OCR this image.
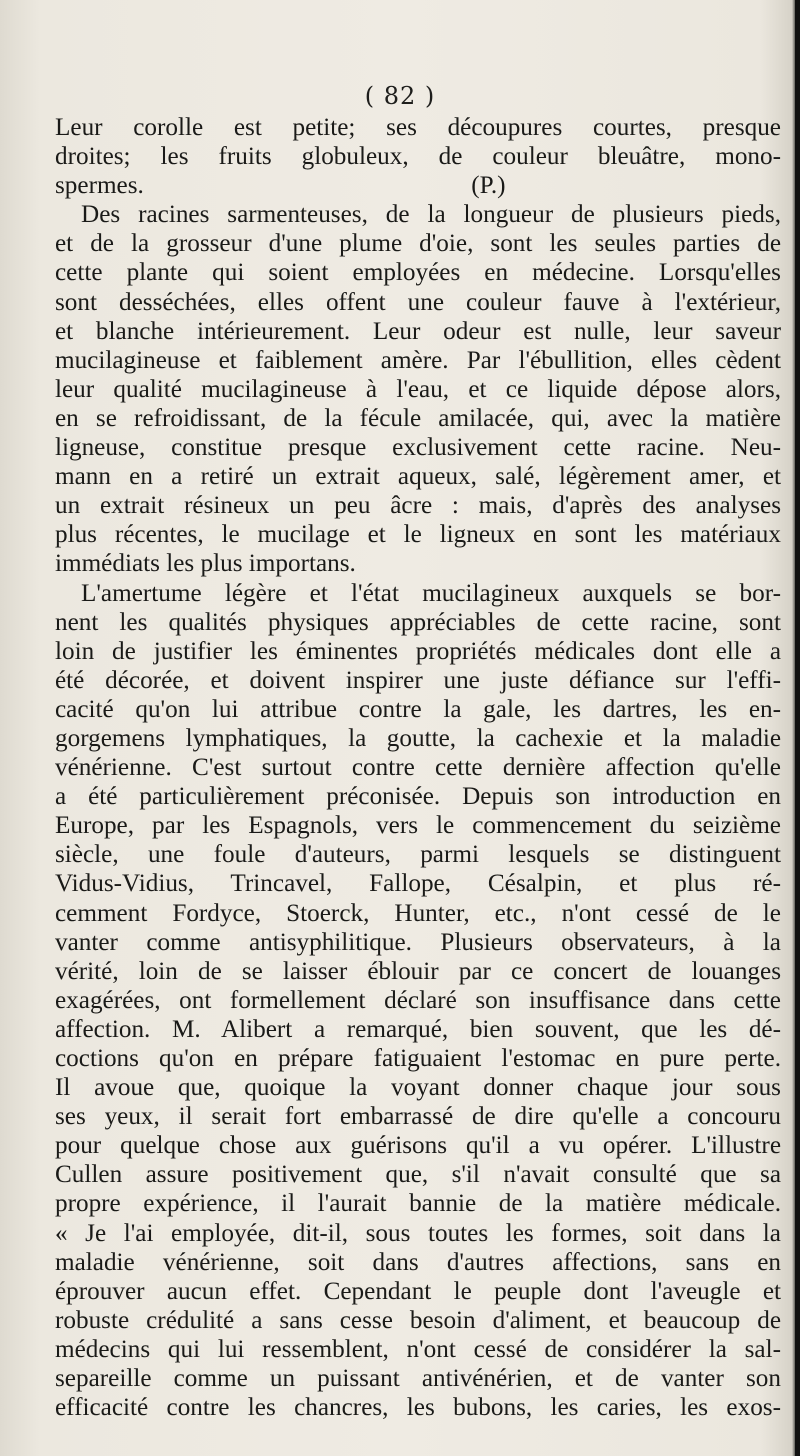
( 82 )
Leur corolle est petite; ses découpures courtes, presque
droites; les fruits globuleux, de couleur bleuâtre, mono-
spermes.                                                    (P.)
Des racines sarmenteuses, de la longueur de plusieurs pieds,
et de la grosseur d'une plume d'oie, sont les seules parties de
cette plante qui soient employées en médecine. Lorsqu'elles
sont desséchées, elles offent une couleur fauve à l'extérieur,
et blanche intérieurement. Leur odeur est nulle, leur saveur
mucilagineuse et faiblement amère. Par l'ébullition, elles cèdent
leur qualité mucilagineuse à l'eau, et ce liquide dépose alors,
en se refroidissant, de la fécule amilacée, qui, avec la matière
ligneuse, constitue presque exclusivement cette racine. Neu-
mann en a retiré un extrait aqueux, salé, légèrement amer, et
un extrait résineux un peu âcre : mais, d'après des analyses
plus récentes, le mucilage et le ligneux en sont les matériaux
immédiats les plus importans.
L'amertume légère et l'état mucilagineux auxquels se bor-
nent les qualités physiques appréciables de cette racine, sont
loin de justifier les éminentes propriétés médicales dont elle a
été décorée, et doivent inspirer une juste défiance sur l'effi-
cacité qu'on lui attribue contre la gale, les dartres, les en-
gorgemens lymphatiques, la goutte, la cachexie et la maladie
vénérienne. C'est surtout contre cette dernière affection qu'elle
a été particulièrement préconisée. Depuis son introduction en
Europe, par les Espagnols, vers le commencement du seizième
siècle, une foule d'auteurs, parmi lesquels se distinguent
Vidus-Vidius, Trincavel, Fallope, Césalpin, et plus ré-
cemment Fordyce, Stoerck, Hunter, etc., n'ont cessé de le
vanter comme antisyphilitique. Plusieurs observateurs, à la
vérité, loin de se laisser éblouir par ce concert de louanges
exagérées, ont formellement déclaré son insuffisance dans cette
affection. M. Alibert a remarqué, bien souvent, que les dé-
coctions qu'on en prépare fatiguaient l'estomac en pure perte.
Il avoue que, quoique la voyant donner chaque jour sous
ses yeux, il serait fort embarrassé de dire qu'elle a concouru
pour quelque chose aux guérisons qu'il a vu opérer. L'illustre
Cullen assure positivement que, s'il n'avait consulté que sa
propre expérience, il l'aurait bannie de la matière médicale.
« Je l'ai employée, dit-il, sous toutes les formes, soit dans la
maladie vénérienne, soit dans d'autres affections, sans en
éprouver aucun effet. Cependant le peuple dont l'aveugle et
robuste crédulité a sans cesse besoin d'aliment, et beaucoup de
médecins qui lui ressemblent, n'ont cessé de considérer la sal-
separeille comme un puissant antivénérien, et de vanter son
efficacité contre les chancres, les bubons, les caries, les exos-
